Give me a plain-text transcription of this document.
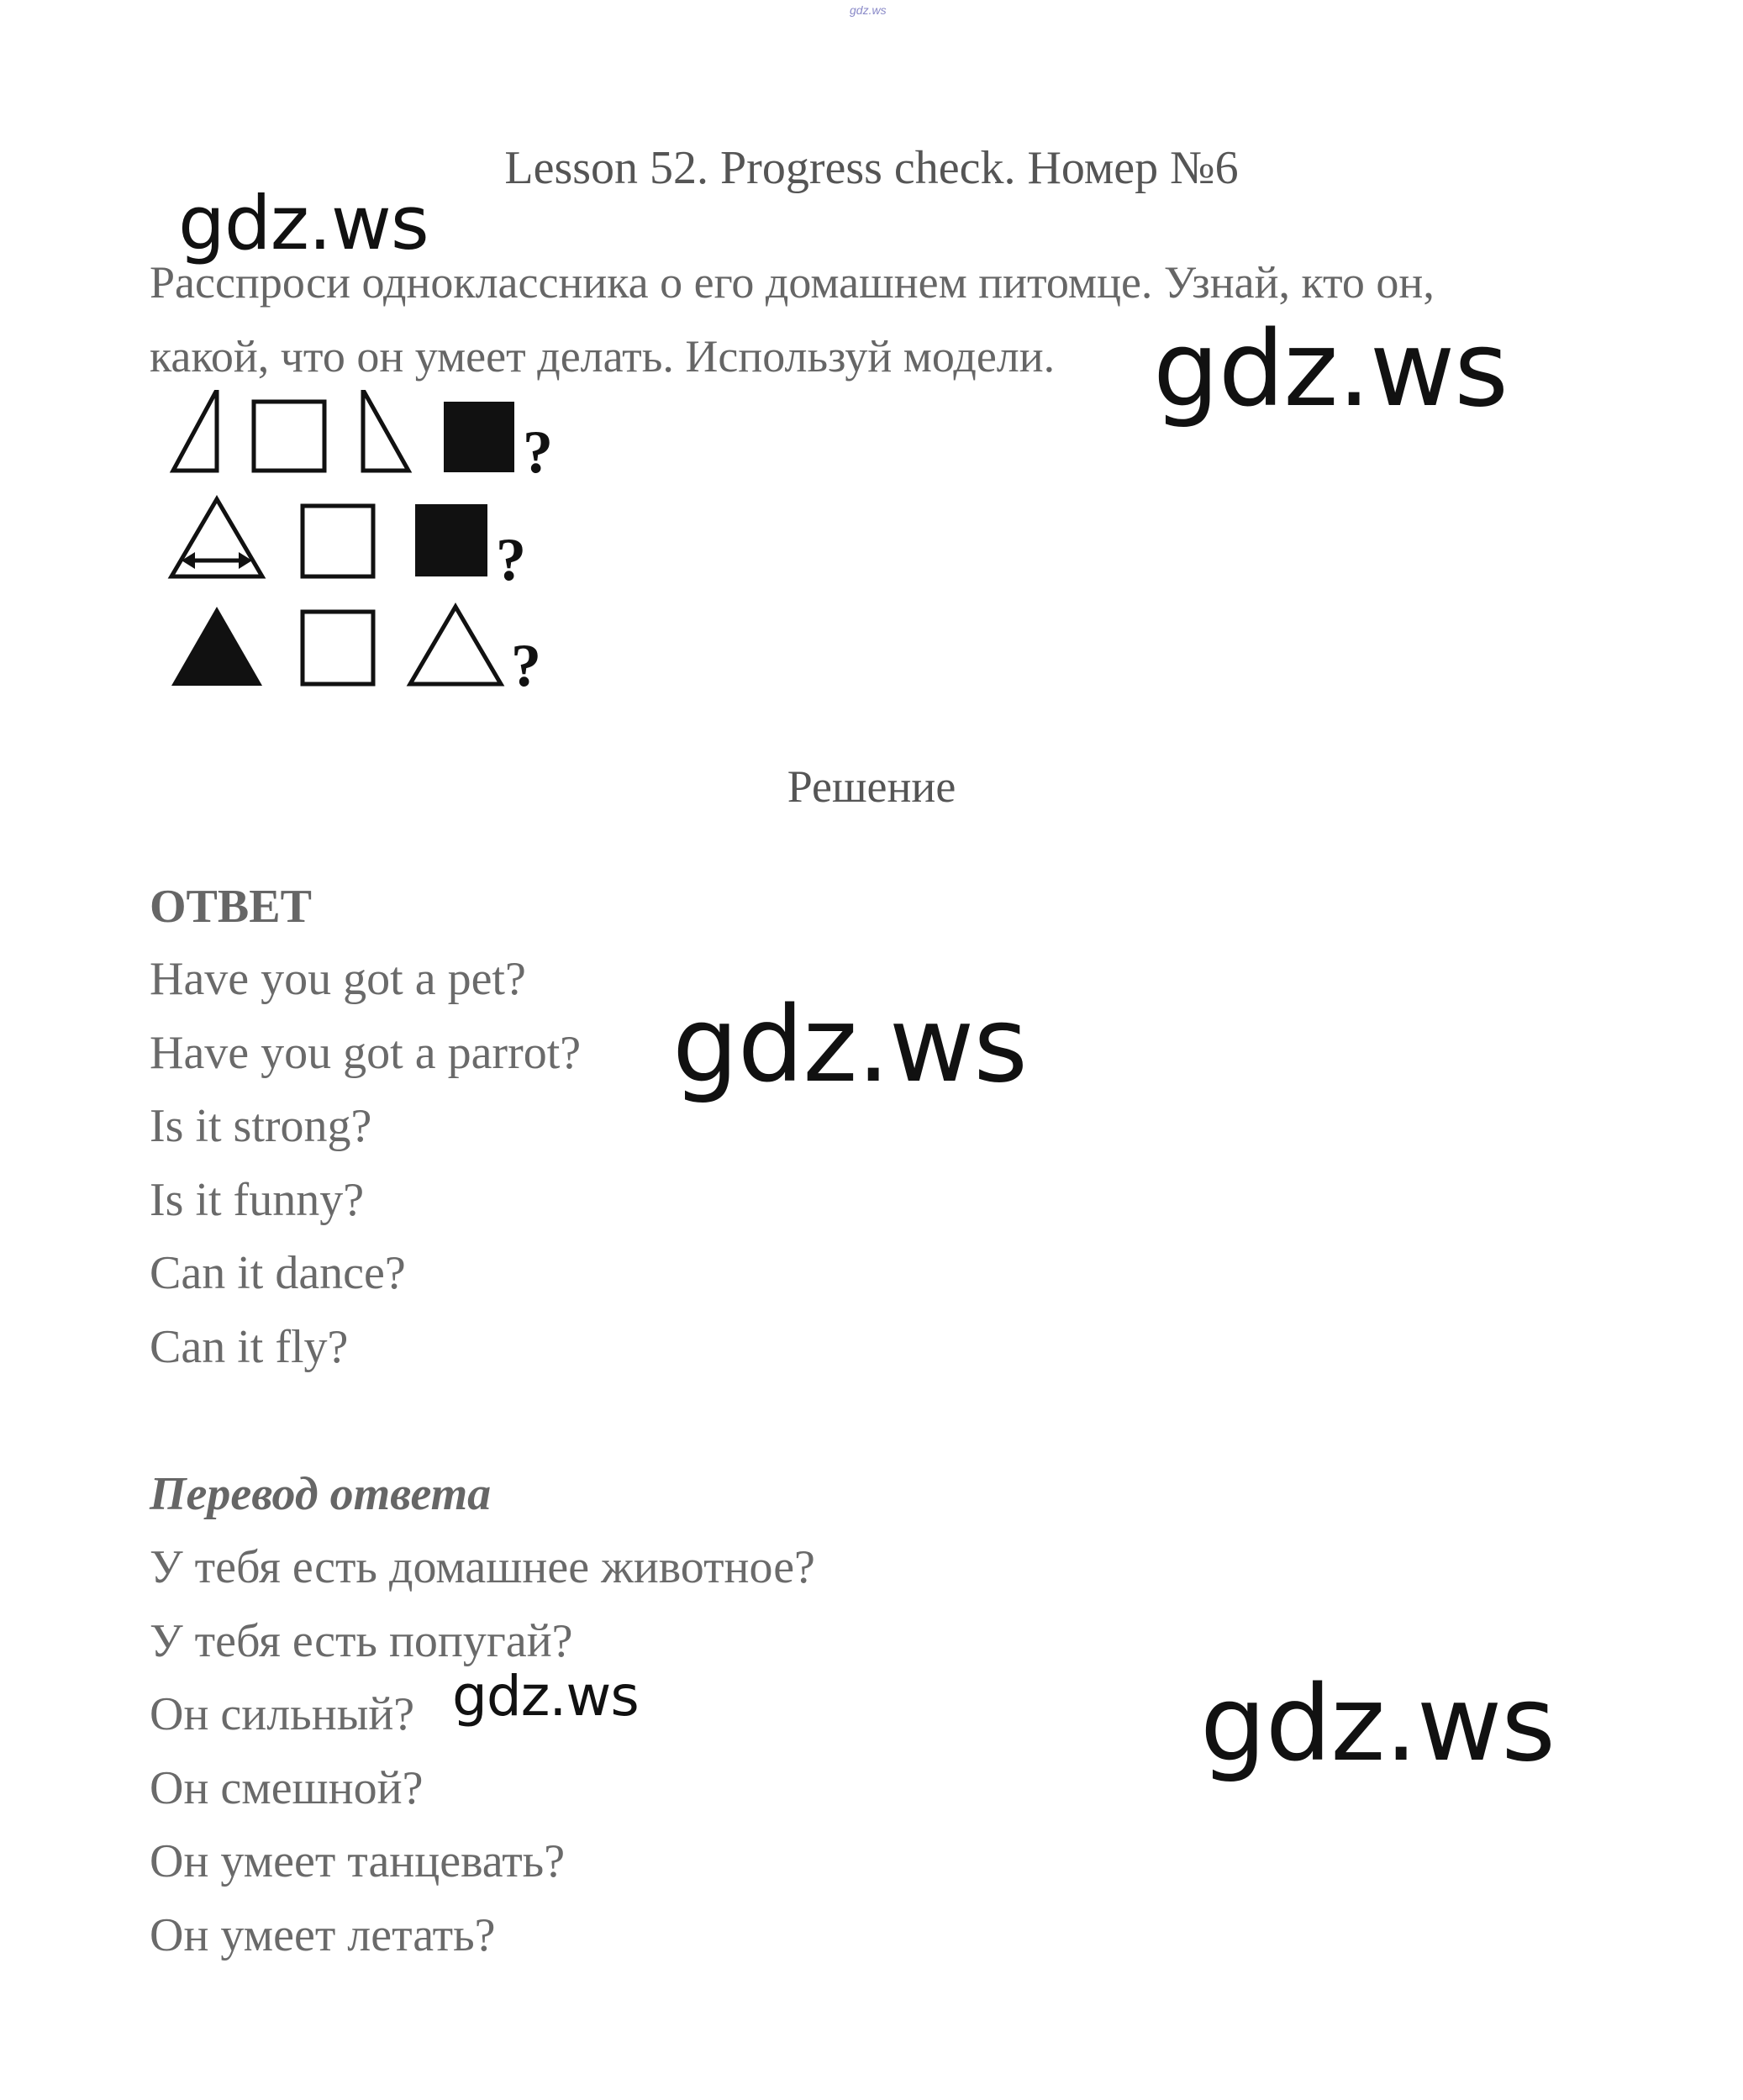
gdz.ws
Lesson 52. Progress check. Номер №6

Расспроси одноклассника о его домашнем питомце. Узнай, кто он,

какой, что он умеет делать. Используй модели.

?
?
?
Решение
ОТВЕТ
Have you got a pet?
Have you got a parrot?
Is it strong?
Is it funny?
Can it dance?
Can it fly?
Перевод ответа
У тебя есть домашнее животное?
У тебя есть попугай?
Он сильный?
Он смешной?
Он умеет танцевать?
Он умеет летать?
gdz.ws
gdz.ws
gdz.ws
gdz.ws	gdz.ws
